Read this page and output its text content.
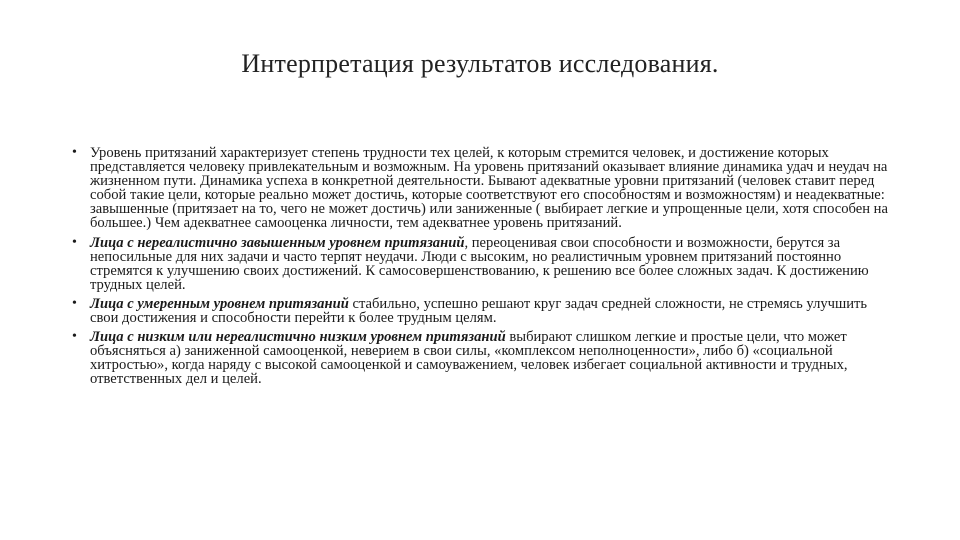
Интерпретация результатов исследования.
• Уровень притязаний характеризует степень трудности тех целей, к которым стремится человек, и достижение которых представляется человеку привлекательным и возможным. На уровень притязаний оказывает влияние динамика удач и неудач на жизненном пути. Динамика успеха в конкретной деятельности. Бывают адекватные уровни притязаний (человек ставит перед собой такие цели, которые реально может достичь, которые соответствуют его способностям и возможностям) и неадекватные: завышенные (притязает на то, чего не может достичь) или заниженные ( выбирает легкие и упрощенные цели, хотя способен на большее.) Чем адекватнее самооценка личности, тем адекватнее уровень притязаний.
• Лица с нереалистично завышенным уровнем притязаний, переоценивая свои способности и возможности, берутся за непосильные для них задачи и часто терпят неудачи. Люди с высоким, но реалистичным уровнем притязаний постоянно стремятся к улучшению своих достижений. К самосовершенствованию, к решению все более сложных задач. К достижению трудных целей.
• Лица с умеренным уровнем притязаний стабильно, успешно решают круг задач средней сложности, не стремясь улучшить свои достижения и способности перейти к более трудным целям.
• Лица с низким или нереалистично низким уровнем притязаний выбирают слишком легкие и простые цели, что может объясняться а) заниженной самооценкой, неверием в свои силы, «комплексом неполноценности», либо б) «социальной хитростью», когда наряду с высокой самооценкой и самоуважением, человек избегает социальной активности и трудных, ответственных дел и целей.
